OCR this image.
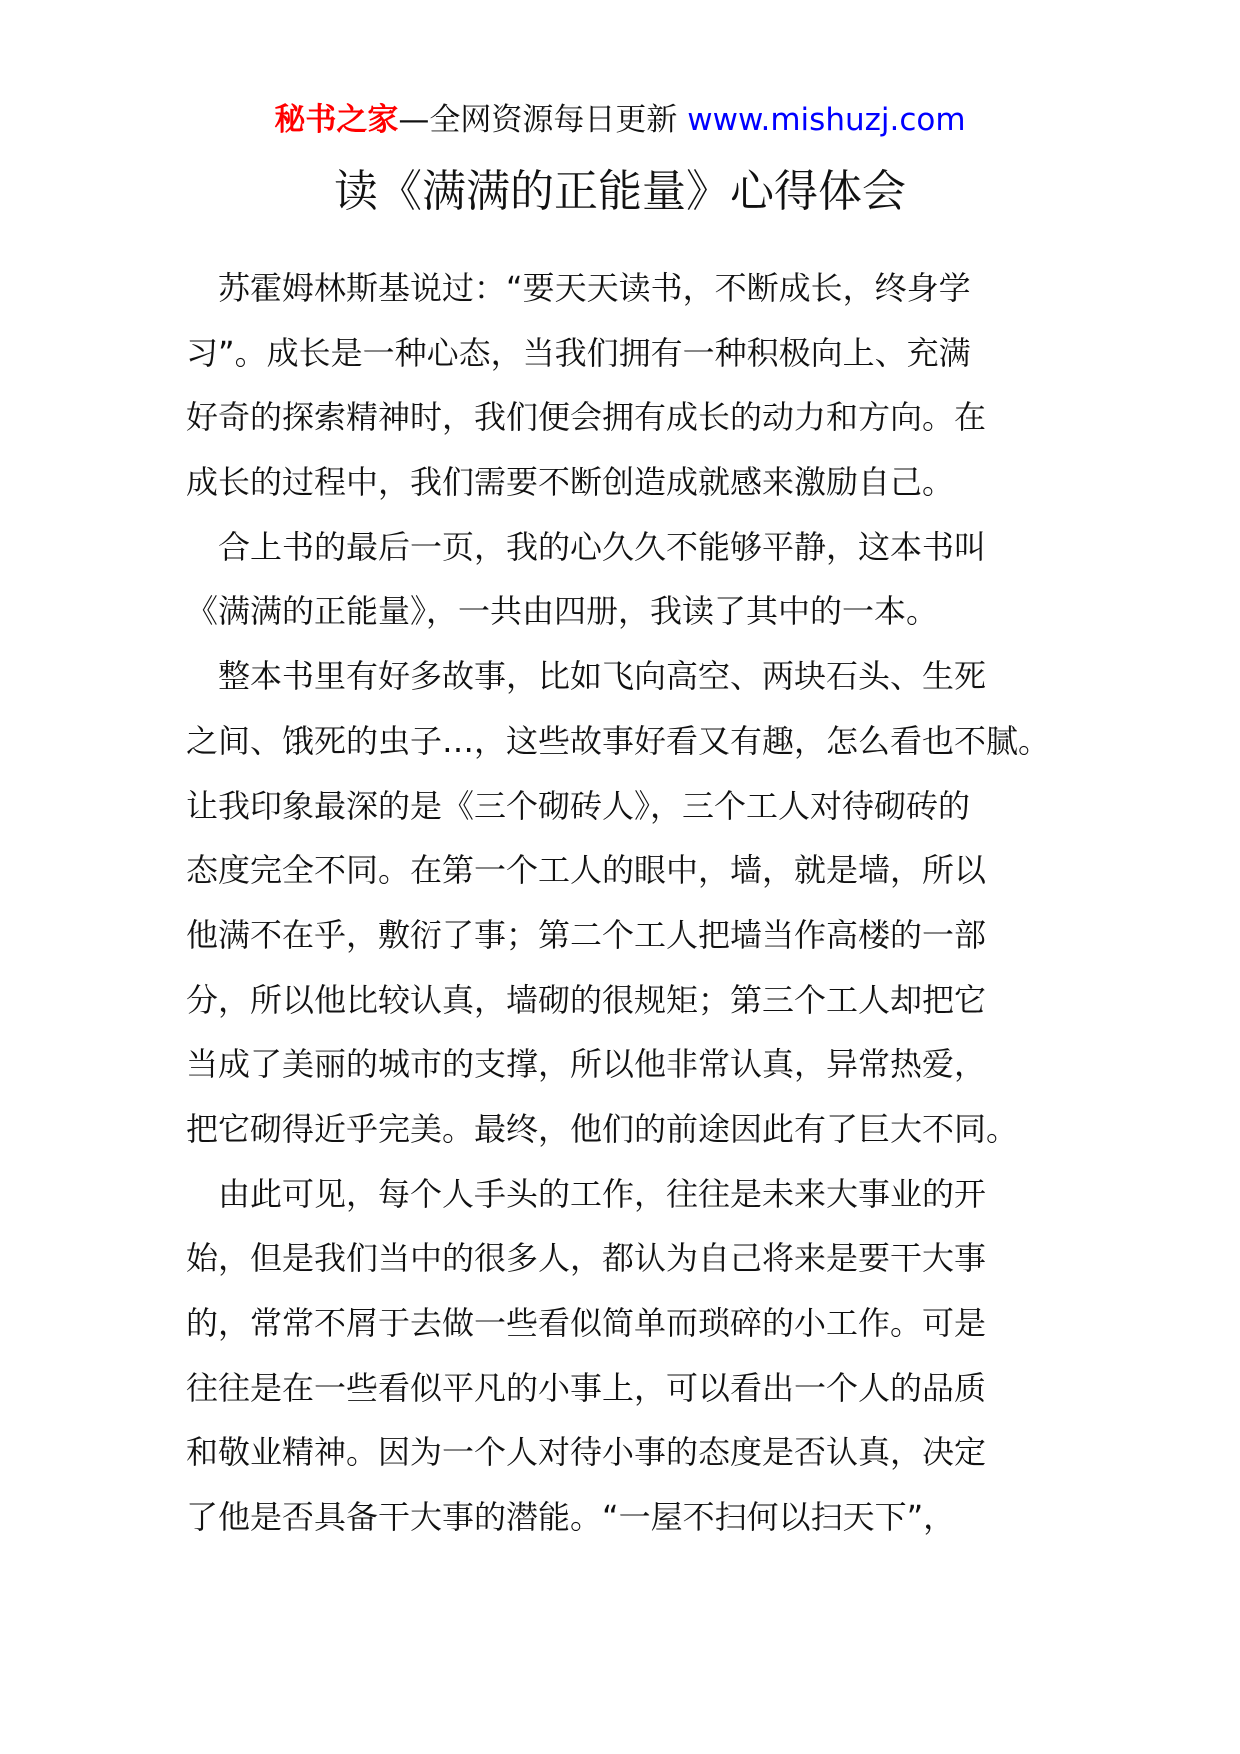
秘书之家—全网资源每日更新 www.mishuzj.com
读《满满的正能量》心得体会
　苏霍姆林斯基说过：“要天天读书，不断成长，终身学
习”。成长是一种心态，当我们拥有一种积极向上、充满
好奇的探索精神时，我们便会拥有成长的动力和方向。在
成长的过程中，我们需要不断创造成就感来激励自己。
　合上书的最后一页，我的心久久不能够平静，这本书叫
《满满的正能量》，一共由四册，我读了其中的一本。
　整本书里有好多故事，比如飞向高空、两块石头、生死
之间、饿死的虫子…，这些故事好看又有趣，怎么看也不腻。
让我印象最深的是《三个砌砖人》，三个工人对待砌砖的
态度完全不同。在第一个工人的眼中，墙，就是墙，所以
他满不在乎，敷衍了事；第二个工人把墙当作高楼的一部
分，所以他比较认真，墙砌的很规矩；第三个工人却把它
当成了美丽的城市的支撑，所以他非常认真，异常热爱，
把它砌得近乎完美。最终，他们的前途因此有了巨大不同。
　由此可见，每个人手头的工作，往往是未来大事业的开
始，但是我们当中的很多人，都认为自己将来是要干大事
的，常常不屑于去做一些看似简单而琐碎的小工作。可是
往往是在一些看似平凡的小事上，可以看出一个人的品质
和敬业精神。因为一个人对待小事的态度是否认真，决定
了他是否具备干大事的潜能。“一屋不扫何以扫天下”，
